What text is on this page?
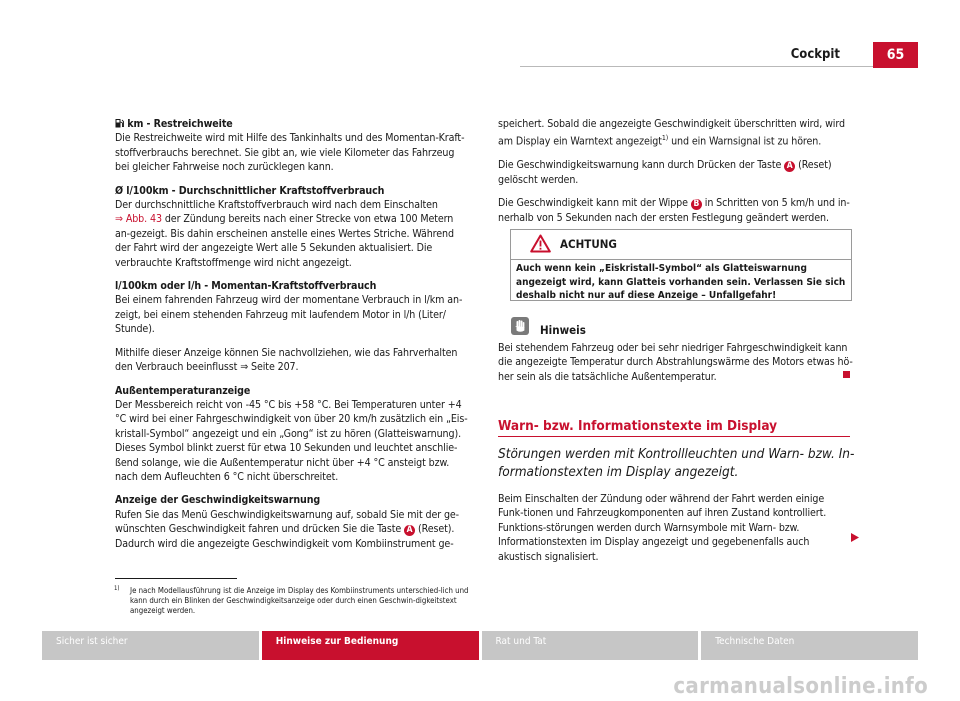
Cockpit	65

km - Restreichweite

Die Restreichweite wird mit Hilfe des Tankinhalts und des Momentan-Kraft-stoffverbrauchs berechnet. Sie gibt an, wie viele Kilometer das Fahrzeug bei gleicher Fahrweise noch zurücklegen kann.

Ø l/100km - Durchschnittlicher Kraftstoffverbrauch

Der durchschnittliche Kraftstoffverbrauch wird nach dem Einschalten
⇒ Abb. 43 der Zündung bereits nach einer Strecke von etwa 100 Metern an-gezeigt. Bis dahin erscheinen anstelle eines Wertes Striche. Während der Fahrt wird der angezeigte Wert alle 5 Sekunden aktualisiert. Die verbrauchte Kraftstoffmenge wird nicht angezeigt.

l/100km oder l/h - Momentan-Kraftstoffverbrauch

Bei einem fahrenden Fahrzeug wird der momentane Verbrauch in l/km an-zeigt, bei einem stehenden Fahrzeug mit laufendem Motor in l/h (Liter/ Stunde).

Mithilfe dieser Anzeige können Sie nachvollziehen, wie das Fahrverhalten den Verbrauch beeinflusst ⇒ Seite 207.

Außentemperaturanzeige

Der Messbereich reicht von -45 °C bis +58 °C. Bei Temperaturen unter +4 °C wird bei einer Fahrgeschwindigkeit von über 20 km/h zusätzlich ein „Eis-kristall-Symbol“ angezeigt und ein „Gong“ ist zu hören (Glatteiswarnung). Dieses Symbol blinkt zuerst für etwa 10 Sekunden und leuchtet anschlie-ßend solange, wie die Außentemperatur nicht über +4 °C ansteigt bzw. nach dem Aufleuchten 6 °C nicht überschreitet.

Anzeige der Geschwindigkeitswarnung

Rufen Sie das Menü Geschwindigkeitswarnung auf, sobald Sie mit der ge-wünschten Geschwindigkeit fahren und drücken Sie die Taste A (Reset). Dadurch wird die angezeigte Geschwindigkeit vom Kombiinstrument ge-

speichert. Sobald die angezeigte Geschwindigkeit überschritten wird, wird am Display ein Warntext angezeigt$^{1)}$ und ein Warnsignal ist zu hören.

Die Geschwindigkeitswarnung kann durch Drücken der Taste A (Reset) gelöscht werden.

Die Geschwindigkeit kann mit der Wippe B in Schritten von 5 km/h und in-nerhalb von 5 Sekunden nach der ersten Festlegung geändert werden.

ACHTUNG
Auch wenn kein „Eiskristall-Symbol“ als Glatteiswarnung angezeigt wird, kann Glatteis vorhanden sein. Verlassen Sie sich deshalb nicht nur auf diese Anzeige – Unfallgefahr!
Hinweis
Bei stehendem Fahrzeug oder bei sehr niedriger Fahrgeschwindigkeit kann die angezeigte Temperatur durch Abstrahlungswärme des Motors etwas hö-her sein als die tatsächliche Außentemperatur.
Warn- bzw. Informationstexte im Display
Störungen werden mit Kontrollleuchten und Warn- bzw. In-formationstexten im Display angezeigt.
Beim Einschalten der Zündung oder während der Fahrt werden einige Funk-tionen und Fahrzeugkomponenten auf ihren Zustand kontrolliert. Funktions-störungen werden durch Warnsymbole mit Warn- bzw. Informationstexten im Display angezeigt und gegebenenfalls auch akustisch signalisiert.
1) Je nach Modellausführung ist die Anzeige im Display des Kombiinstruments unterschied-lich und kann durch ein Blinken der Geschwindigkeitsanzeige oder durch einen Geschwin-digkeitstext angezeigt werden.
Sicher ist sicher	Hinweise zur Bedienung	Rat und Tat	Technische Daten
carmanualsonline.info
